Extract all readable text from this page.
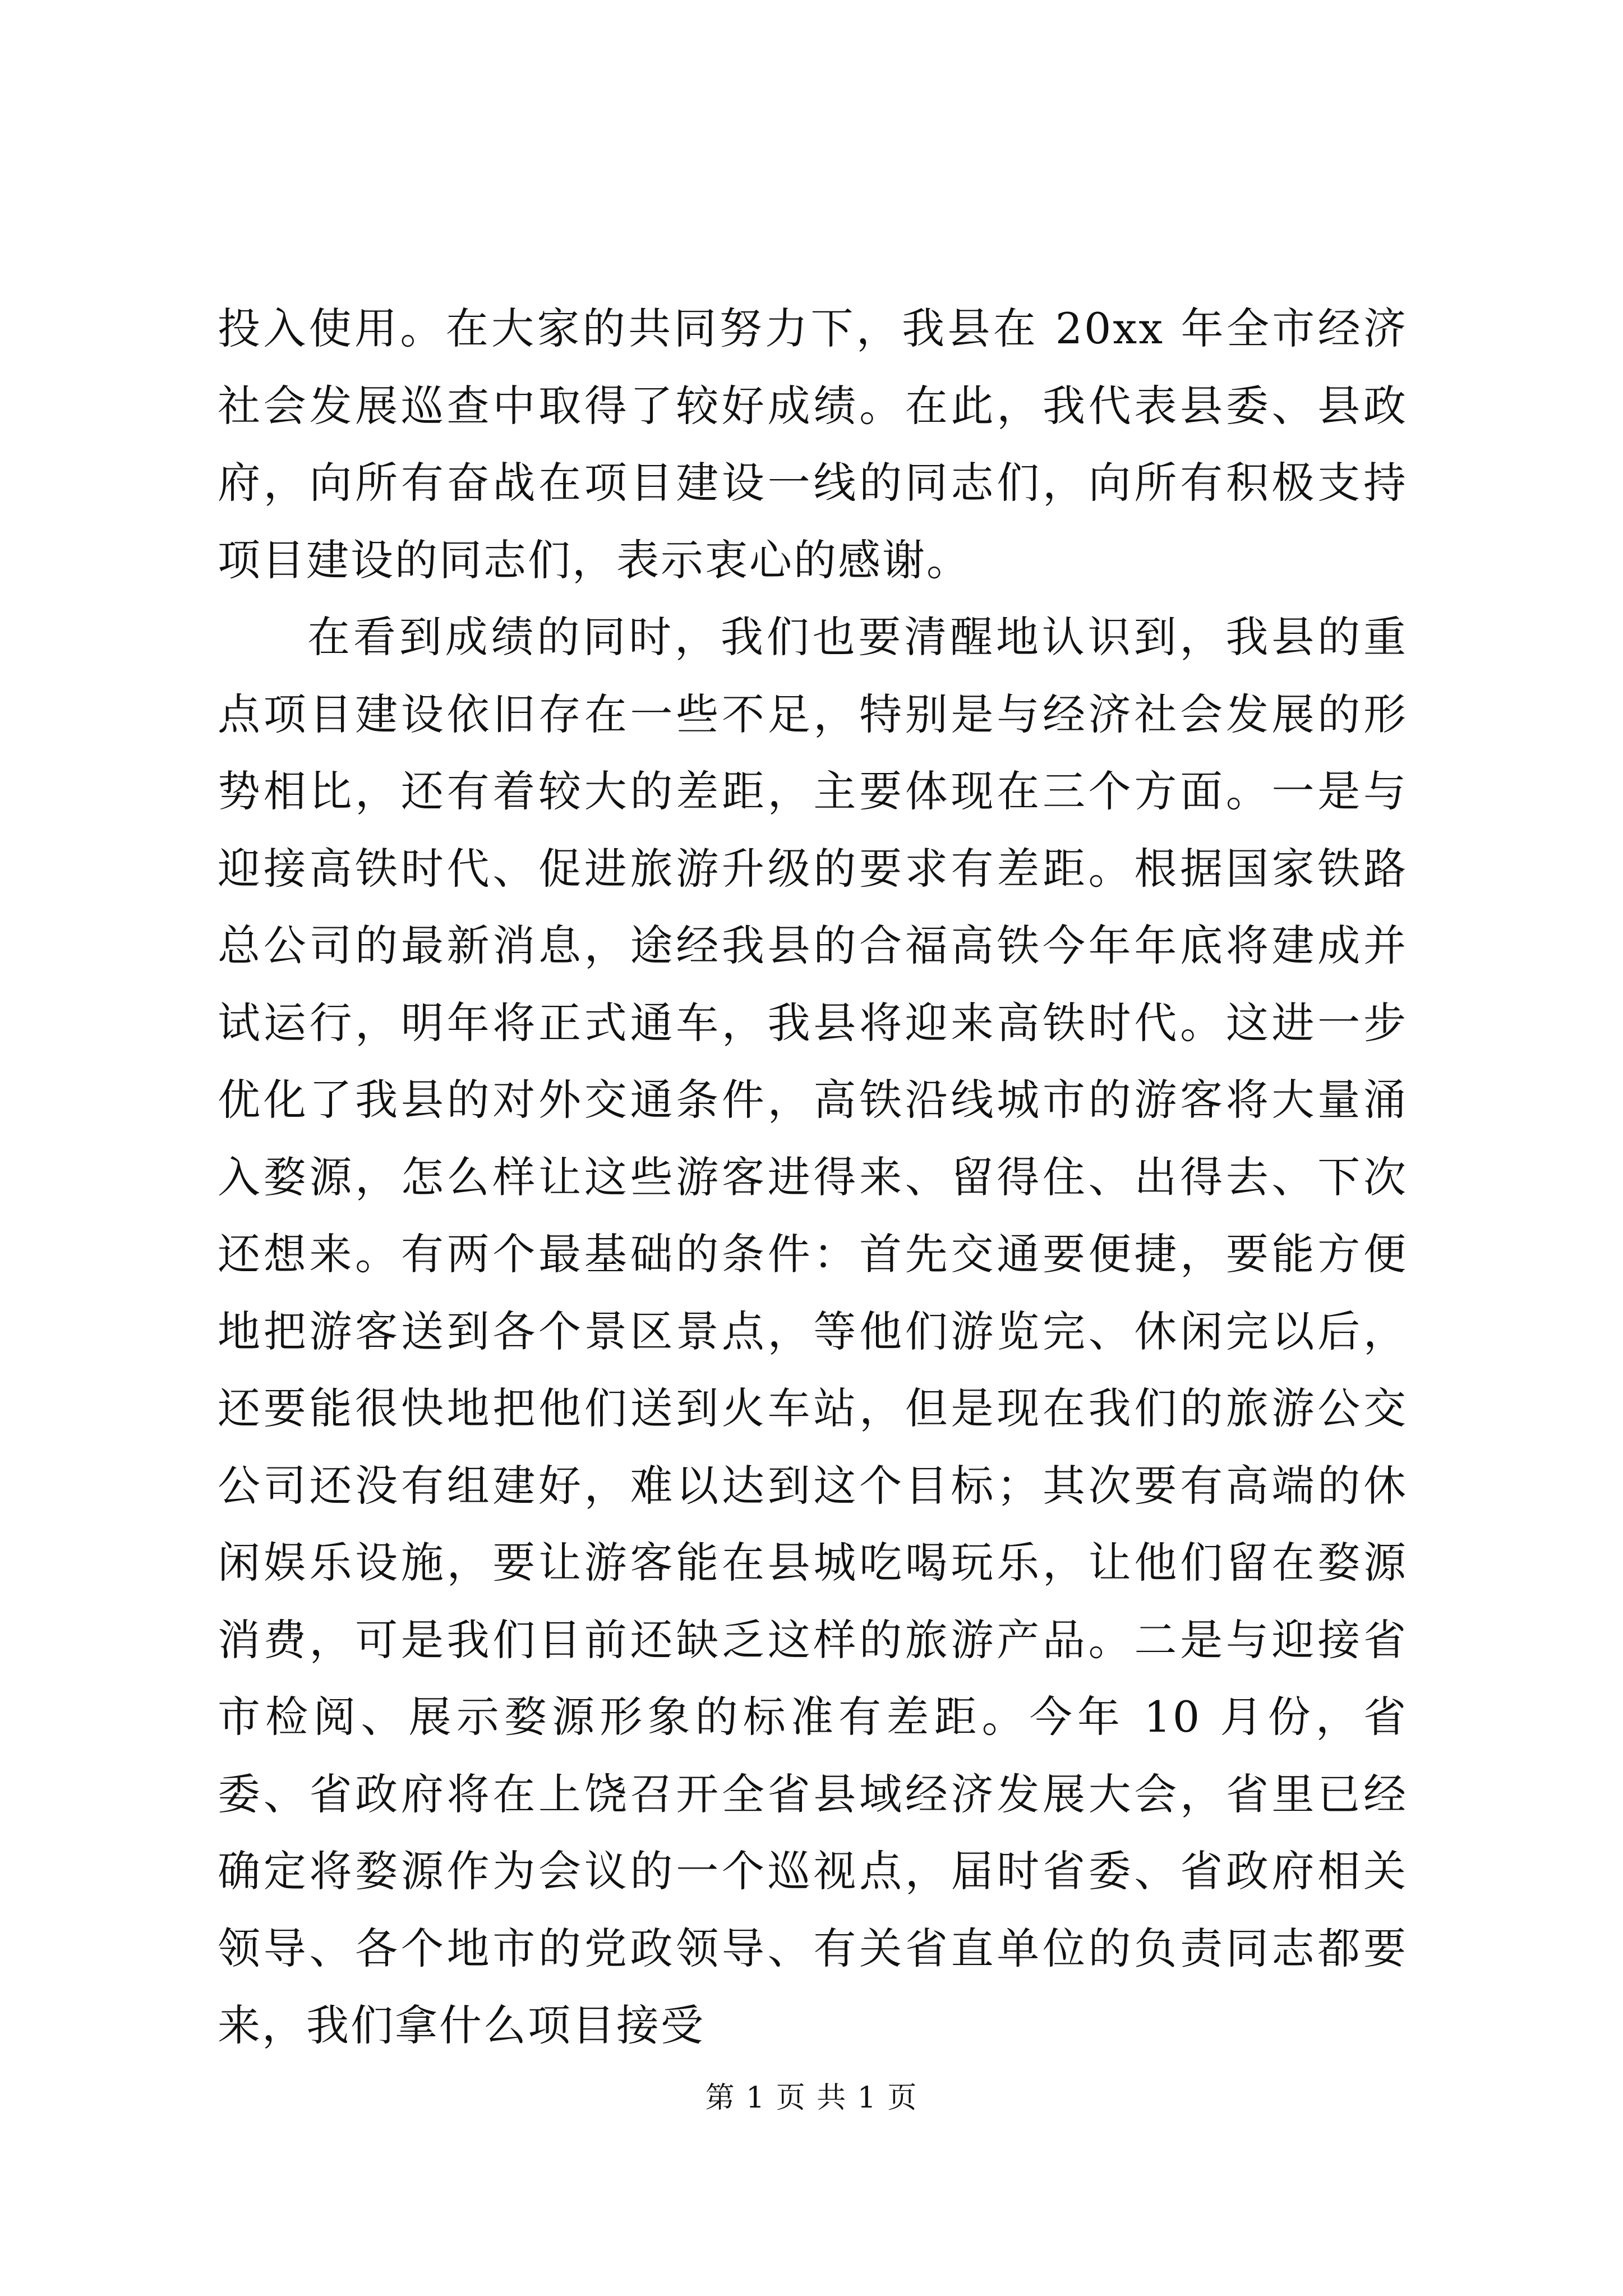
投入使用。在大家的共同努力下，我县在 20xx 年全市经济社会发展巡查中取得了较好成绩。在此，我代表县委、县政府，向所有奋战在项目建设一线的同志们，向所有积极支持项目建设的同志们，表示衷心的感谢。

在看到成绩的同时，我们也要清醒地认识到，我县的重点项目建设依旧存在一些不足，特别是与经济社会发展的形势相比，还有着较大的差距，主要体现在三个方面。一是与迎接高铁时代、促进旅游升级的要求有差距。根据国家铁路总公司的最新消息，途经我县的合福高铁今年年底将建成并试运行，明年将正式通车，我县将迎来高铁时代。这进一步优化了我县的对外交通条件，高铁沿线城市的游客将大量涌入婺源，怎么样让这些游客进得来、留得住、出得去、下次还想来。有两个最基础的条件：首先交通要便捷，要能方便地把游客送到各个景区景点，等他们游览完、休闲完以后，还要能很快地把他们送到火车站，但是现在我们的旅游公交公司还没有组建好，难以达到这个目标；其次要有高端的休闲娱乐设施，要让游客能在县城吃喝玩乐，让他们留在婺源消费，可是我们目前还缺乏这样的旅游产品。二是与迎接省市检阅、展示婺源形象的标准有差距。今年 10 月份，省委、省政府将在上饶召开全省县域经济发展大会，省里已经确定将婺源作为会议的一个巡视点，届时省委、省政府相关领导、各个地市的党政领导、有关省直单位的负责同志都要来，我们拿什么项目接受

第 1 页 共 1 页
